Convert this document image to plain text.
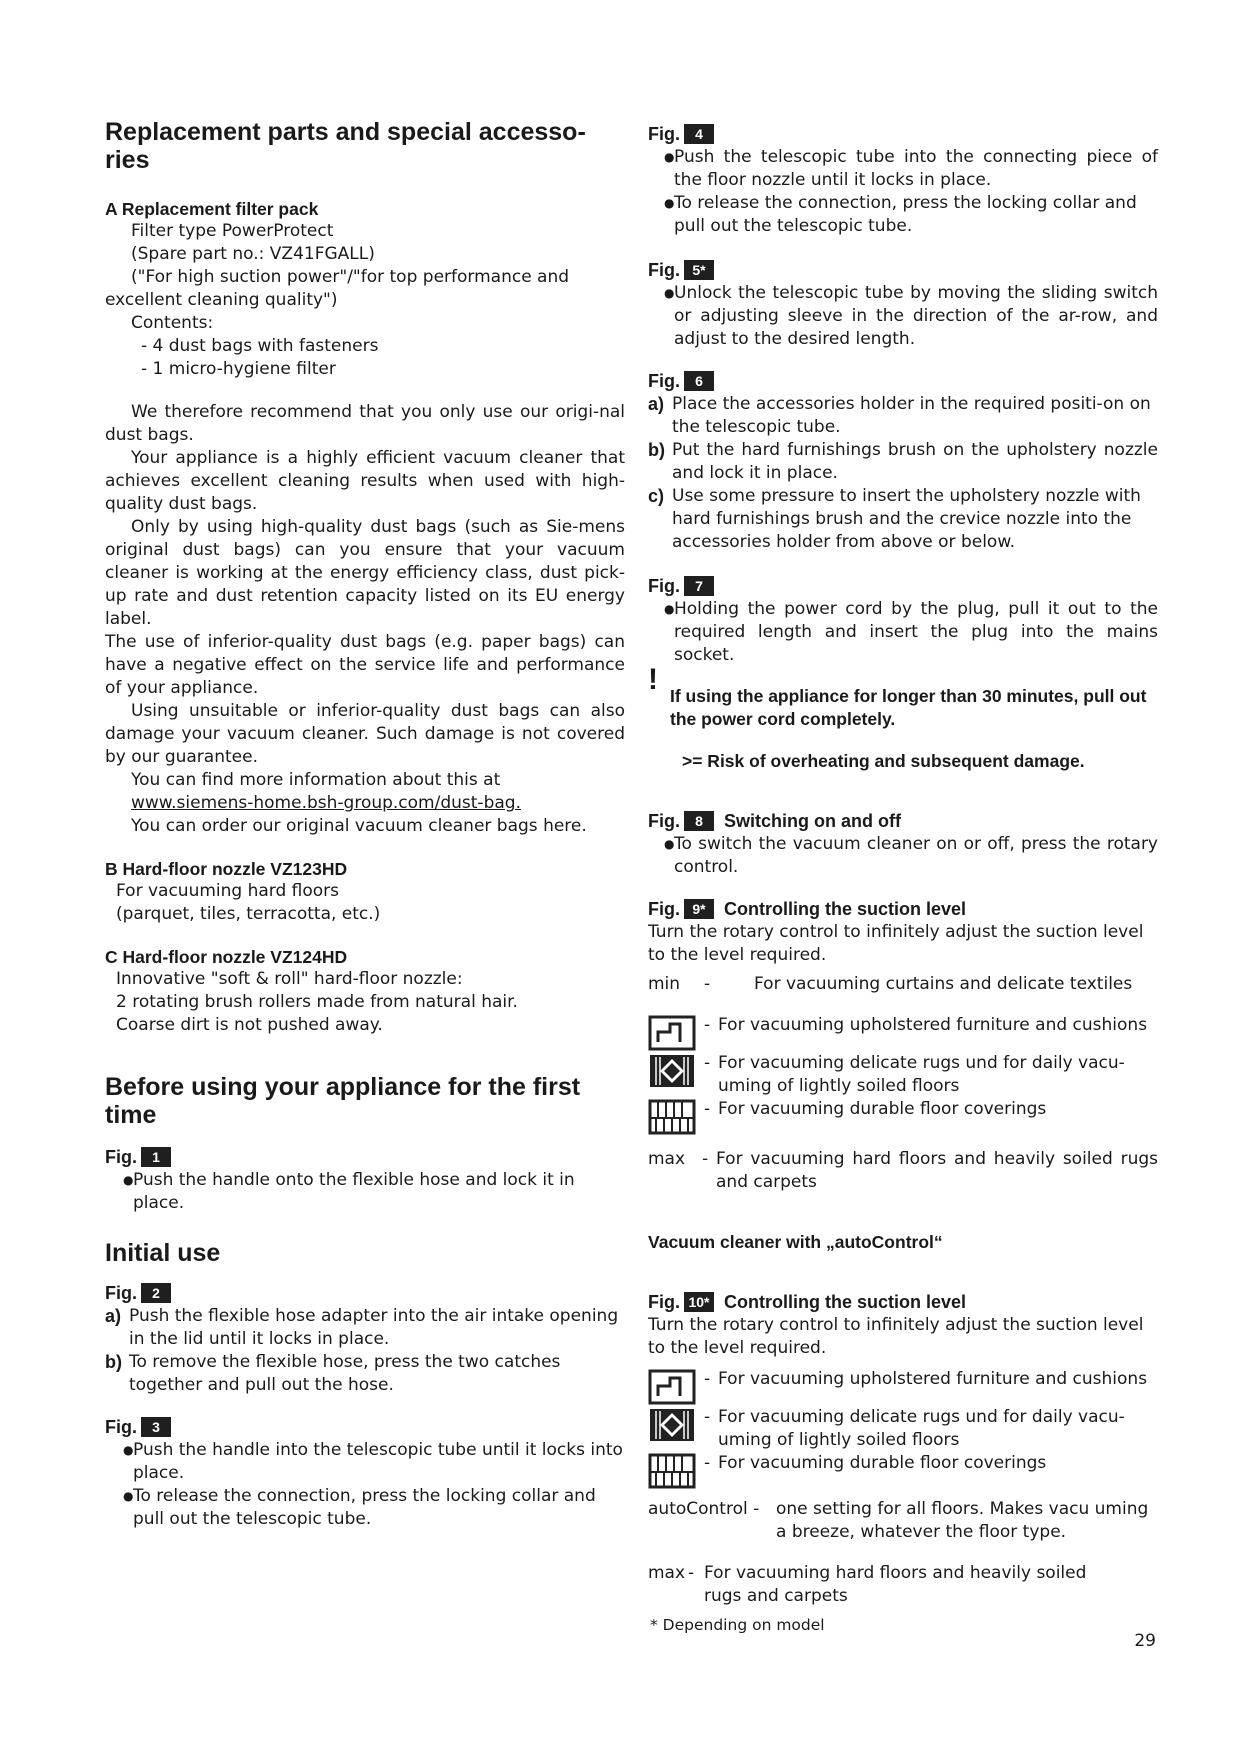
Replacement parts and special accesso-
ries

A Replacement filter pack

Filter type PowerProtect

(Spare part no.: VZ41FGALL)

("For high suction power"/"for top performance and excellent cleaning quality")

Contents:

- 4 dust bags with fasteners

- 1 micro-hygiene filter

We therefore recommend that you only use our origi-nal dust bags.

Your appliance is a highly efficient vacuum cleaner that achieves excellent cleaning results when used with high-quality dust bags.

Only by using high-quality dust bags (such as Sie-mens original dust bags) can you ensure that your vacuum cleaner is working at the energy efficiency class, dust pick-up rate and dust retention capacity listed on its EU energy label.

The use of inferior-quality dust bags (e.g. paper bags) can have a negative effect on the service life and performance of your appliance.

Using unsuitable or inferior-quality dust bags can also damage your vacuum cleaner. Such damage is not covered by our guarantee.

You can find more information about this at

www.siemens-home.bsh-group.com/dust-bag.

You can order our original vacuum cleaner bags here.

B Hard-floor nozzle VZ123HD

For vacuuming hard floors

(parquet, tiles, terracotta, etc.)

C Hard-floor nozzle VZ124HD

Innovative "soft & roll" hard-floor nozzle:

2 rotating brush rollers made from natural hair.

Coarse dirt is not pushed away.

Before using your appliance for the first time

Fig.	1

● Push the handle onto the flexible hose and lock it in place.

Initial use

Fig.	2

a) Push the flexible hose adapter into the air intake opening in the lid until it locks in place.

b) To remove the flexible hose, press the two catches together and pull out the hose.

Fig.	3

● Push the handle into the telescopic tube until it locks into place.

● To release the connection, press the locking collar and pull out the telescopic tube.

Fig.	4

● Push the telescopic tube into the connecting piece of the floor nozzle until it locks in place.

● To release the connection, press the locking collar and pull out the telescopic tube.

Fig. 5*

● Unlock the telescopic tube by moving the sliding switch or adjusting sleeve in the direction of the ar-row, and adjust to the desired length.

Fig.	6

a) Place the accessories holder in the required positi-on on the telescopic tube.

b) Put the hard furnishings brush on the upholstery nozzle and lock it in place.

c) Use some pressure to insert the upholstery nozzle with hard furnishings brush and the crevice nozzle into the accessories holder from above or below.

Fig.	7

● Holding the power cord by the plug, pull it out to the required length and insert the plug into the mains socket.

! If using the appliance for longer than 30 minutes, pull out the power cord completely.

>= Risk of overheating and subsequent damage.

Fig.	8	Switching on and off

● To switch the vacuum cleaner on or off, press the rotary control.

Fig. 9*	Controlling the suction level

Turn the rotary control to infinitely adjust the suction level to the level required.

min	-	For vacuuming curtains and delicate textiles
- For vacuuming upholstered furniture and cushions

- For vacuuming delicate rugs und for daily vacu-uming of lightly soiled floors

- For vacuuming durable floor coverings

max - For vacuuming hard floors and heavily soiled rugs and carpets

Vacuum cleaner with „autoControl“

Fig. 10* Controlling the suction level

Turn the rotary control to infinitely adjust the suction level to the level required.

- For vacuuming upholstered furniture and cushions

- For vacuuming delicate rugs und for daily vacu-uming of lightly soiled floors

- For vacuuming durable floor coverings

autoControl - one setting for all floors. Makes vacu uming a breeze, whatever the floor type.

max - For vacuuming hard floors and heavily soiled rugs and carpets

* Depending on model

29
